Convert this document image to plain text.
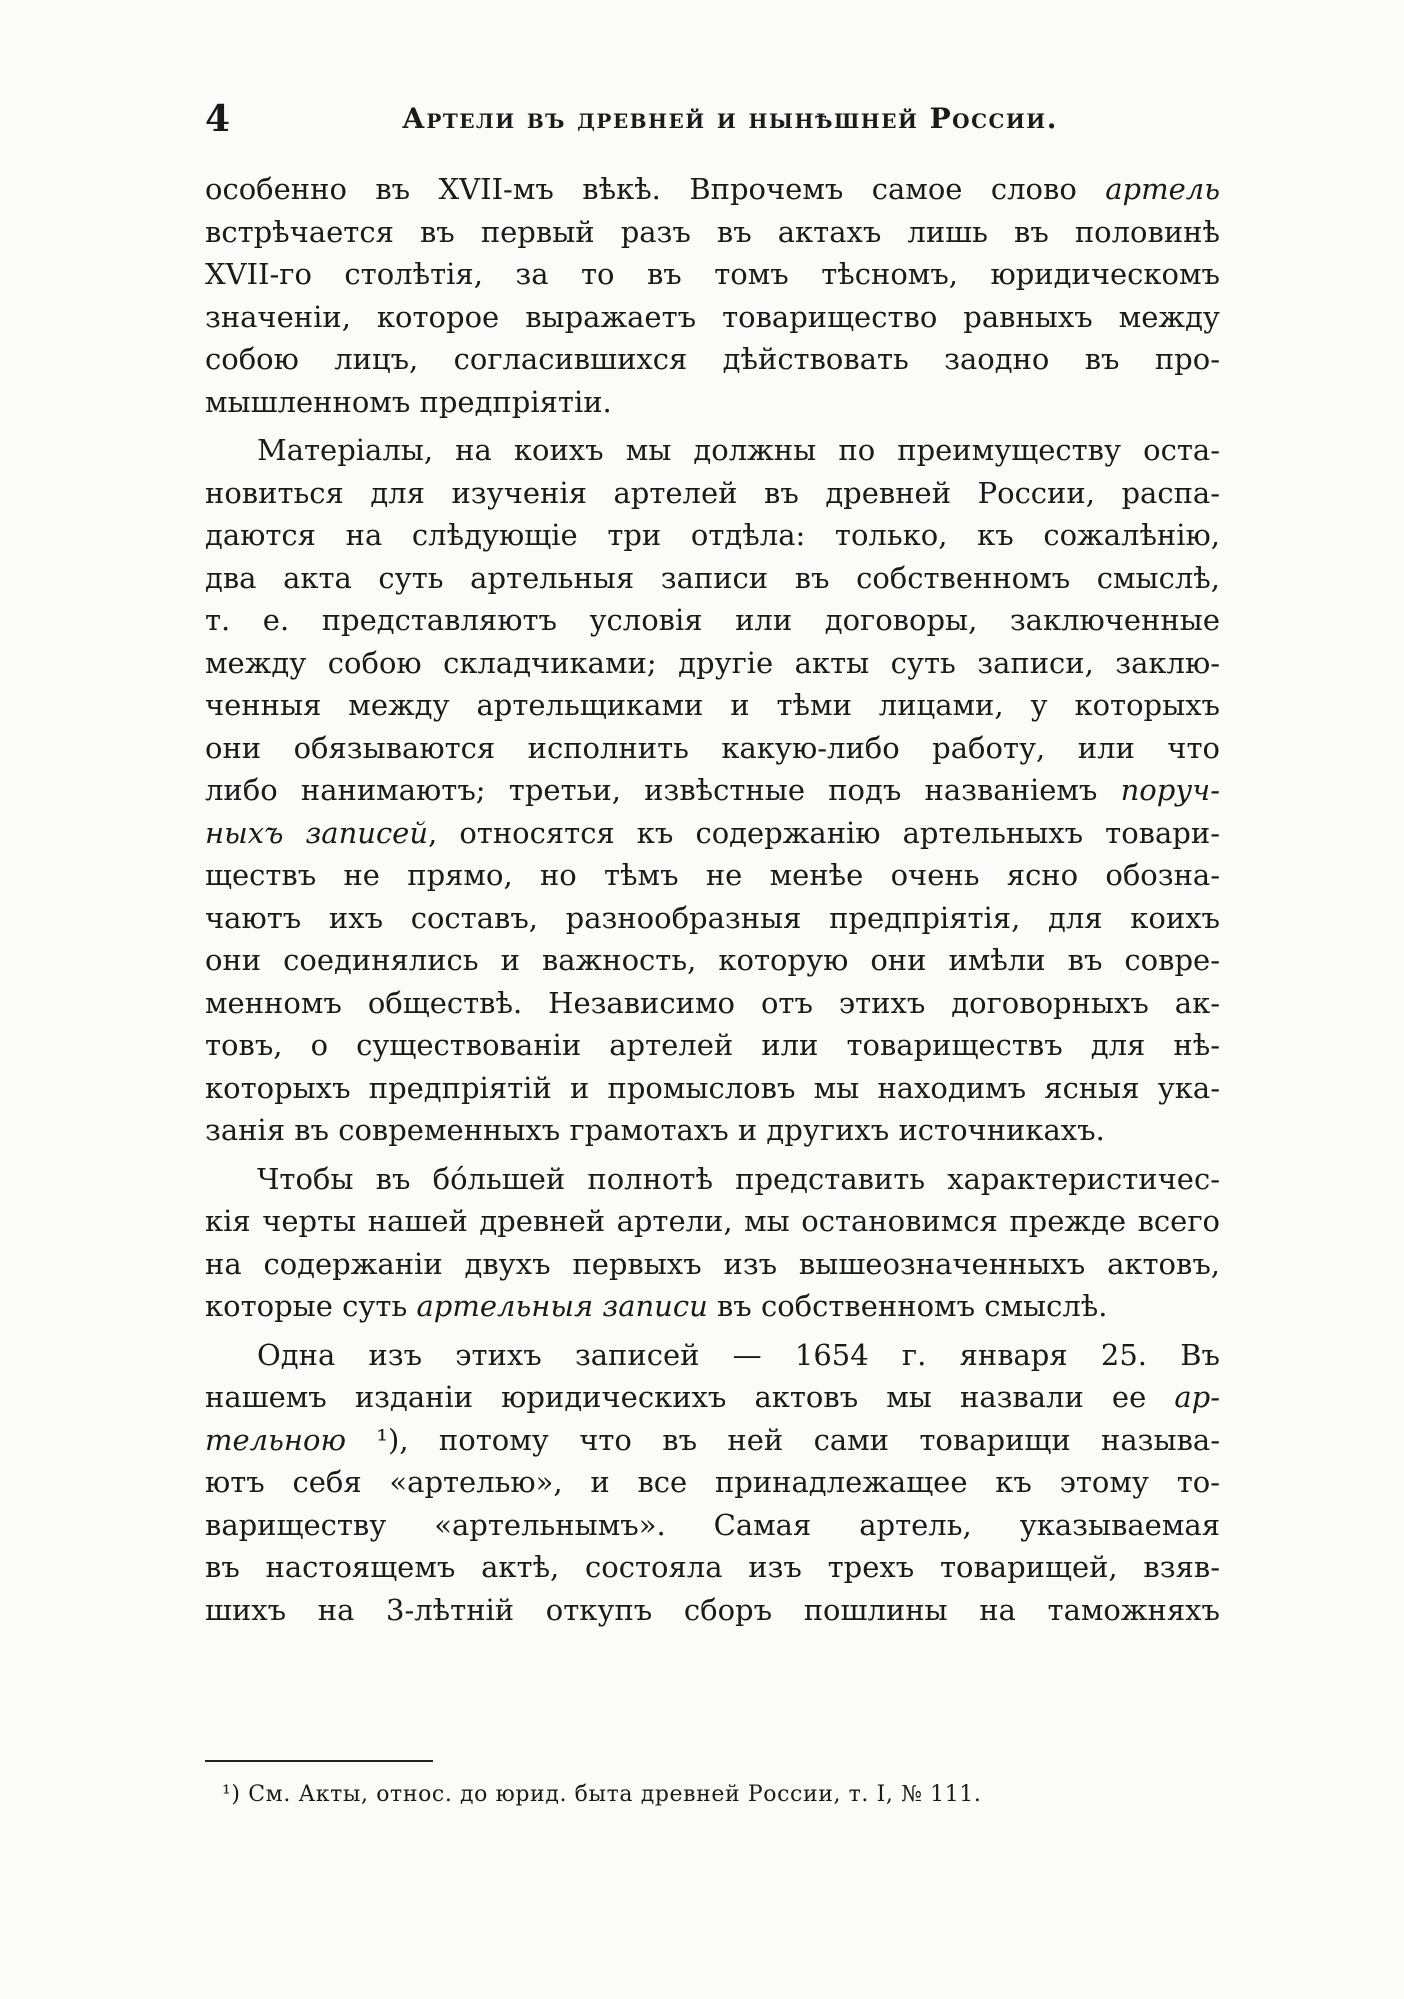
4	Артели въ древней и нынѣшней России.
особенно въ XVII-мъ вѣкѣ. Впрочемъ самое слово артель
встрѣчается въ первый разъ въ актахъ лишь въ половинѣ
XVII-го столѣтія, за то въ томъ тѣсномъ, юридическомъ
значеніи, которое выражаетъ товарищество равныхъ между
собою лицъ, согласившихся дѣйствовать заодно въ про-
мышленномъ предпріятіи.
Матеріалы, на коихъ мы должны по преимуществу оста-
новиться для изученія артелей въ древней России, распа-
даются на слѣдующіе три отдѣла: только, къ сожалѣнію,
два акта суть артельныя записи въ собственномъ смыслѣ,
т. е. представляютъ условія или договоры, заключенные
между собою складчиками; другіе акты суть записи, заклю-
ченныя между артельщиками и тѣми лицами, у которыхъ
они обязываются исполнить какую-либо работу, или что
либо нанимаютъ; третьи, извѣстные подъ названіемъ поруч-
ныхъ записей, относятся къ содержанію артельныхъ товари-
ществъ не прямо, но тѣмъ не менѣе очень ясно обозна-
чаютъ ихъ составъ, разнообразныя предпріятія, для коихъ
они соединялись и важность, которую они имѣли въ совре-
менномъ обществѣ. Независимо отъ этихъ договорныхъ ак-
товъ, о существованіи артелей или товариществъ для нѣ-
которыхъ предпріятій и промысловъ мы находимъ ясныя ука-
занія въ современныхъ грамотахъ и другихъ источникахъ.
Чтобы въ бо́льшей полнотѣ представить характеристичес-
кія черты нашей древней артели, мы остановимся прежде всего
на содержаніи двухъ первыхъ изъ вышеозначенныхъ актовъ,
которые суть артельныя записи въ собственномъ смыслѣ.
Одна изъ этихъ записей — 1654 г. января 25. Въ
нашемъ изданіи юридическихъ актовъ мы назвали ее ар-
тельною ¹), потому что въ ней сами товарищи называ-
ютъ себя «артелью», и все принадлежащее къ этому то-
вариществу «артельнымъ». Самая артель, указываемая
въ настоящемъ актѣ, состояла изъ трехъ товарищей, взяв-
шихъ на 3-лѣтній откупъ сборъ пошлины на таможняхъ
¹) См. Акты, относ. до юрид. быта древней России, т. I, № 111.
